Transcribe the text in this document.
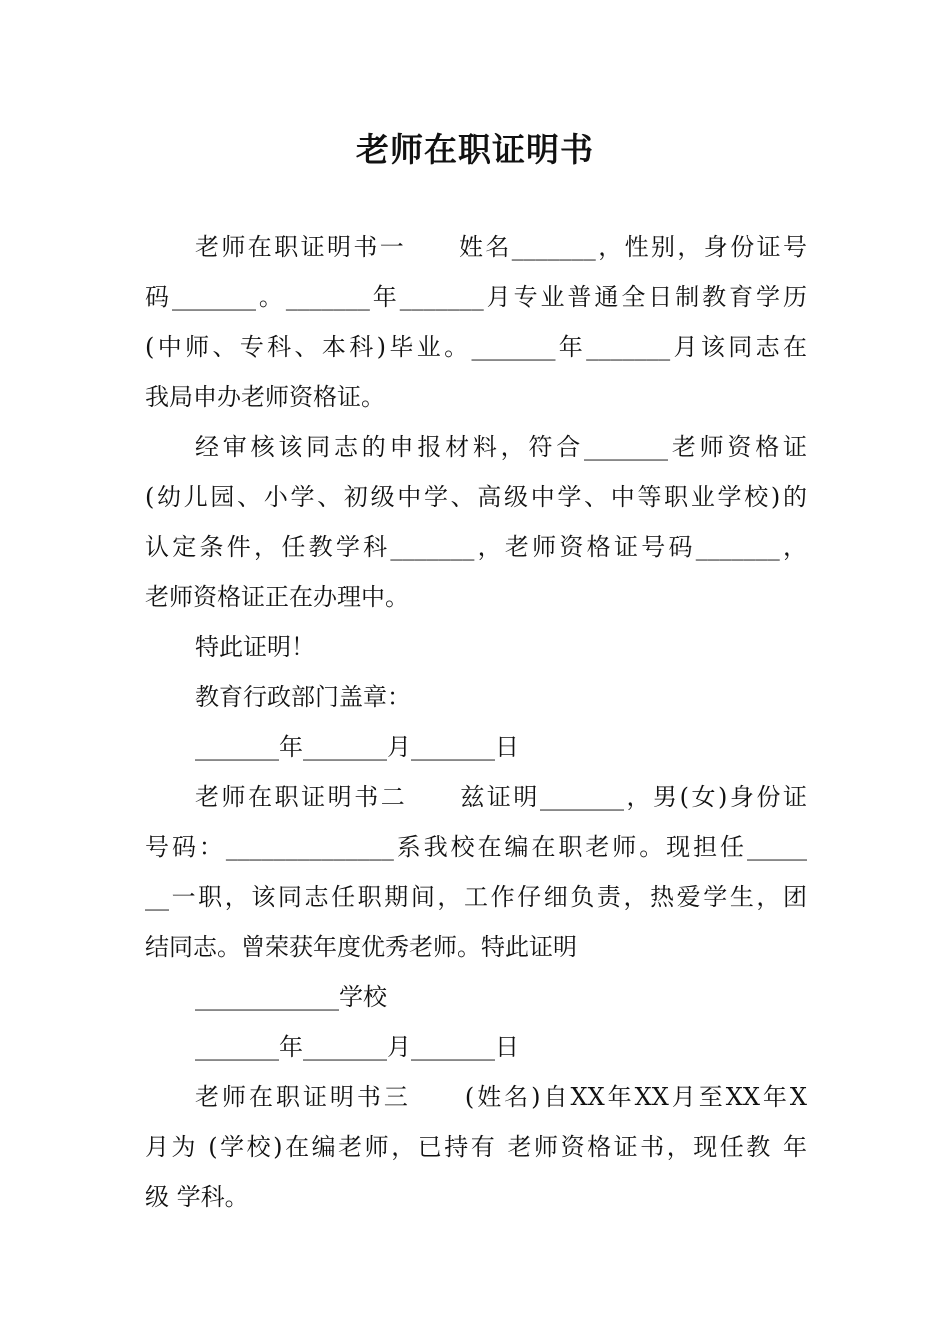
老师在职证明书
老师在职证明书一　　姓名_______，性别，身份证号
码_______。_______年_______月专业普通全日制教育学历
(中师、专科、本科)毕业。_______年_______月该同志在
我局申办老师资格证。
经审核该同志的申报材料，符合_______老师资格证
(幼儿园、小学、初级中学、高级中学、中等职业学校)的
认定条件，任教学科_______，老师资格证号码_______，
老师资格证正在办理中。
特此证明！
教育行政部门盖章：
_______年_______月_______日
老师在职证明书二　　兹证明_______，男(女)身份证
号码：______________系我校在编在职老师。现担任_____
__一职，该同志任职期间，工作仔细负责，热爱学生，团
结同志。曾荣获年度优秀老师。特此证明
____________学校
_______年_______月_______日
老师在职证明书三　　(姓名)自XX年XX月至XX年X
月为 (学校)在编老师，已持有 老师资格证书，现任教 年
级 学科。
